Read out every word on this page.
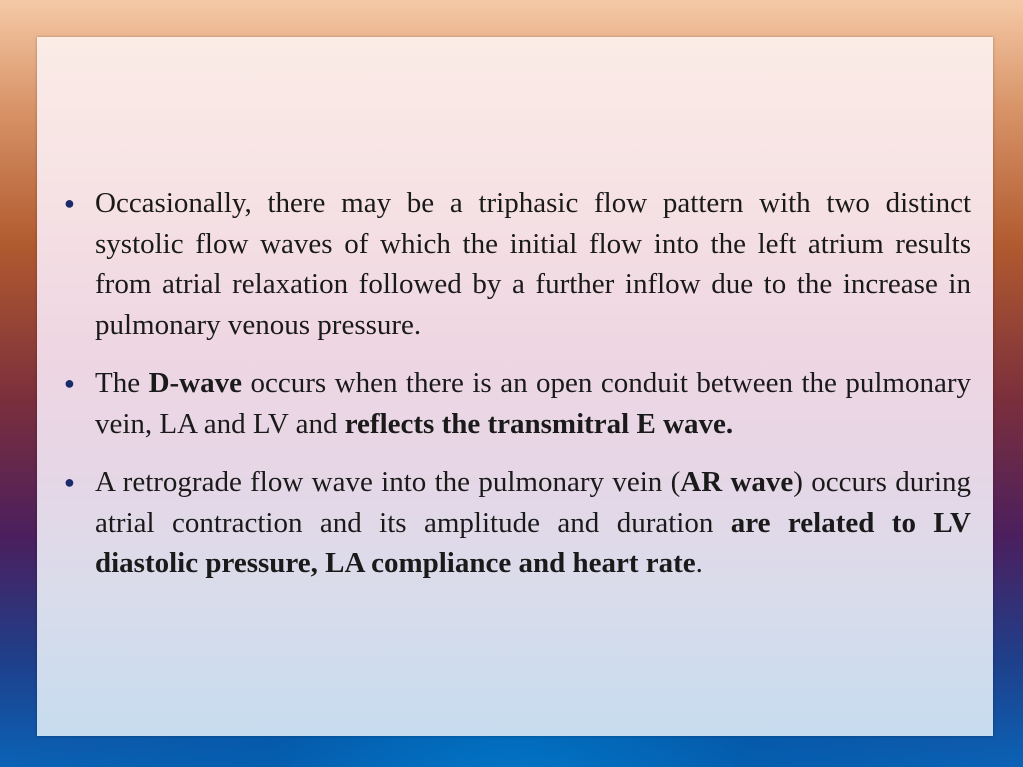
● Occasionally, there may be a triphasic flow pattern with two distinct systolic flow waves of which the initial flow into the left atrium results from atrial relaxation followed by a further inflow due to the increase in pulmonary venous pressure.
● The D-wave occurs when there is an open conduit between the pulmonary vein, LA and LV and reflects the transmitral E wave.
● A retrograde flow wave into the pulmonary vein (AR wave) occurs during atrial contraction and its amplitude and duration are related to LV diastolic pressure, LA compliance and heart rate.
